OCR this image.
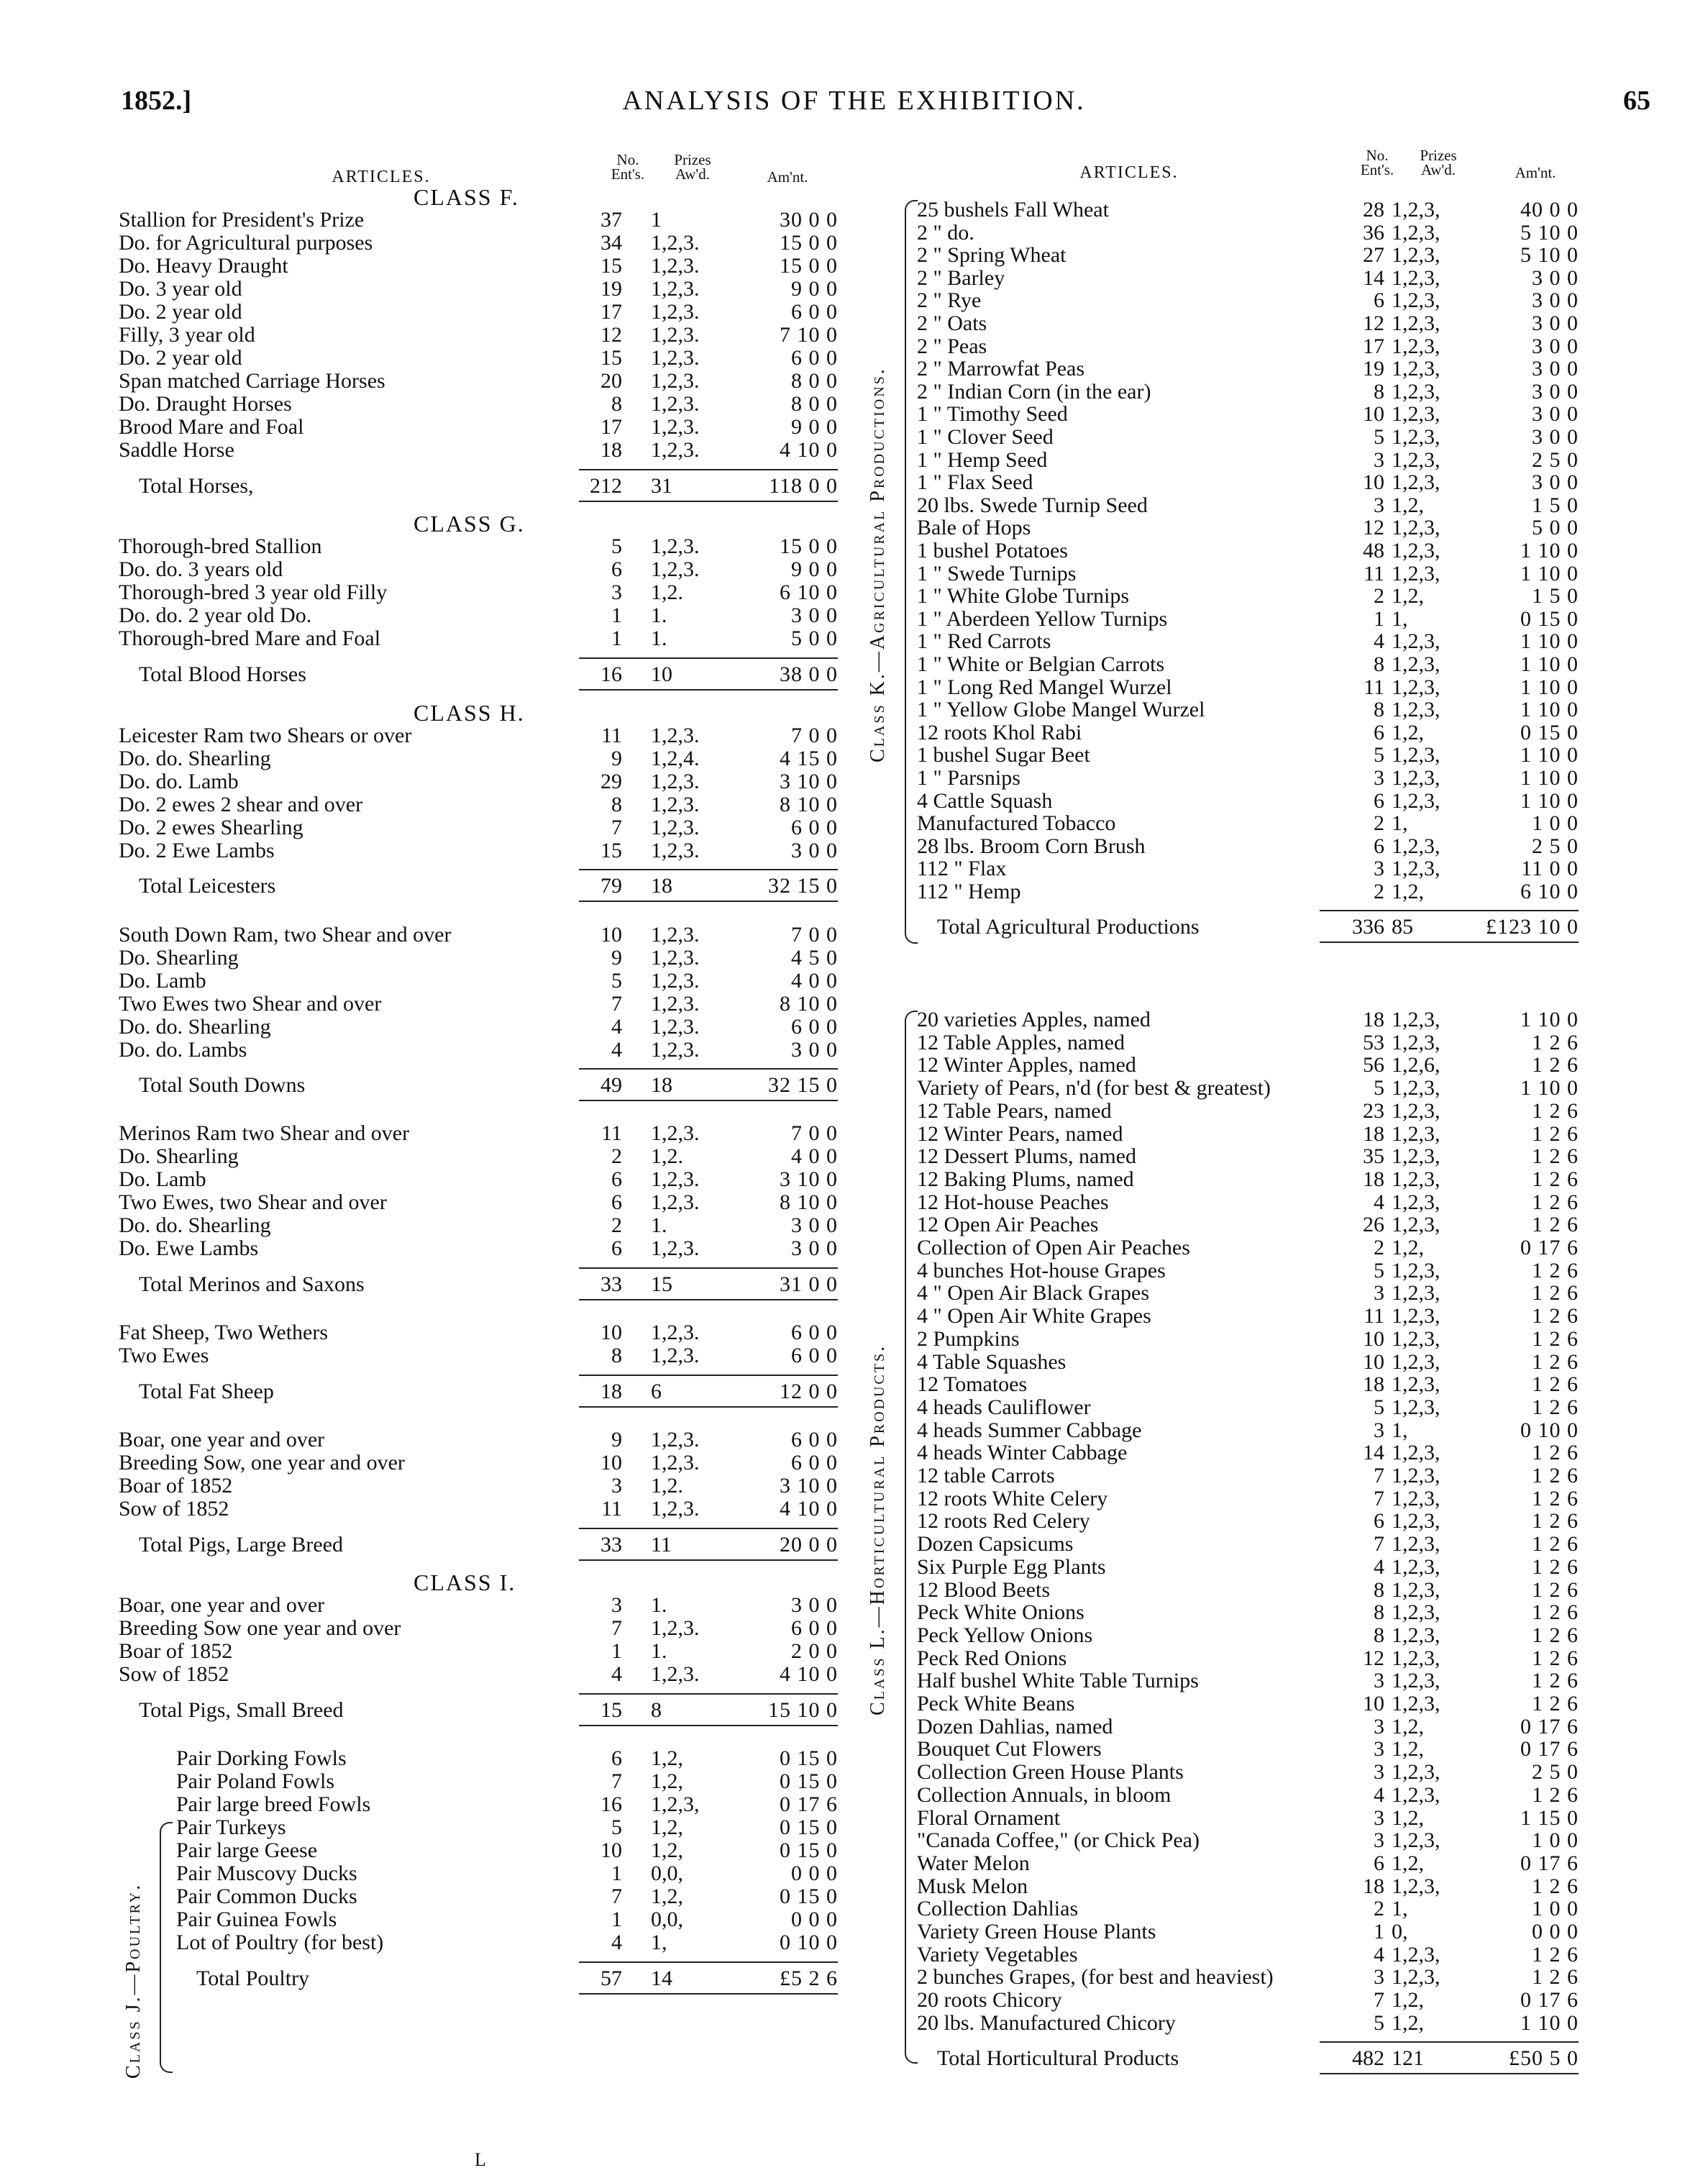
1852.]	ANALYSIS OF THE EXHIBITION.	65
ARTICLES.
No. Ent's.
Prizes Aw'd.	Am'nt.	ARTICLES.
No. Ent's.
Prizes Aw'd.	Am'nt.
CLASS F.
Stallion for President's Prize	37 1	30 0 0
Do. for Agricultural purposes	34 1,2,3.	15 0 0
Do. Heavy Draught	15 1,2,3.	15 0 0
Do. 3 year old	19 1,2,3.	9 0 0
Do. 2 year old	17 1,2,3.	6 0 0
Filly, 3 year old	12 1,2,3.	7 10 0
Do. 2 year old	15 1,2,3.	6 0 0
Span matched Carriage Horses	20 1,2,3.	8 0 0
Do. Draught Horses	8 1,2,3.	8 0 0
Brood Mare and Foal	17 1,2,3.	9 0 0
Saddle Horse	18 1,2,3.	4 10 0
Total Horses,	212 31	118 0 0
CLASS G.
Thorough-bred Stallion	5 1,2,3.	15 0 0
Do. do. 3 years old	6 1,2,3.	9 0 0
Thorough-bred 3 year old Filly	3 1,2.	6 10 0
Do. do. 2 year old Do.	1 1.	3 0 0
Thorough-bred Mare and Foal	1 1.	5 0 0
Total Blood Horses	16 10	38 0 0
CLASS H.
Leicester Ram two Shears or over	11 1,2,3.	7 0 0
Do. do. Shearling	9 1,2,4.	4 15 0
Do. do. Lamb	29 1,2,3.	3 10 0
Do. 2 ewes 2 shear and over	8 1,2,3.	8 10 0
Do. 2 ewes Shearling	7 1,2,3.	6 0 0
Do. 2 Ewe Lambs	15 1,2,3.	3 0 0
Total Leicesters	79 18	32 15 0
South Down Ram, two Shear and over	10 1,2,3.	7 0 0
Do. Shearling	9 1,2,3.	4 5 0
Do. Lamb	5 1,2,3.	4 0 0
Two Ewes two Shear and over	7 1,2,3.	8 10 0
Do. do. Shearling	4 1,2,3.	6 0 0
Do. do. Lambs	4 1,2,3.	3 0 0
Total South Downs	49 18	32 15 0
Merinos Ram two Shear and over	11 1,2,3.	7 0 0
Do. Shearling	2 1,2.	4 0 0
Do. Lamb	6 1,2,3.	3 10 0
Two Ewes, two Shear and over	6 1,2,3.	8 10 0
Do. do. Shearling	2 1.	3 0 0
Do. Ewe Lambs	6 1,2,3.	3 0 0
Total Merinos and Saxons	33 15	31 0 0
Fat Sheep, Two Wethers	10 1,2,3.	6 0 0
Two Ewes	8 1,2,3.	6 0 0
Total Fat Sheep	18 6	12 0 0
Boar, one year and over	9 1,2,3.	6 0 0
Breeding Sow, one year and over	10 1,2,3.	6 0 0
Boar of 1852	3 1,2.	3 10 0
Sow of 1852	11 1,2,3.	4 10 0
Total Pigs, Large Breed	33 11	20 0 0
CLASS I.
Boar, one year and over	3 1.	3 0 0
Breeding Sow one year and over	7 1,2,3.	6 0 0
Boar of 1852	1 1.	2 0 0
Sow of 1852	4 1,2,3.	4 10 0
Total Pigs, Small Breed	15 8	15 10 0
Pair Dorking Fowls	6 1,2,	0 15 0
Pair Poland Fowls	7 1,2,	0 15 0
Pair large breed Fowls	16 1,2,3,	0 17 6
Pair Turkeys	5 1,2,	0 15 0
Pair large Geese	10 1,2,	0 15 0
Pair Muscovy Ducks	1 0,0,	0 0 0
Pair Common Ducks	7 1,2,	0 15 0
Pair Guinea Fowls	1 0,0,	0 0 0
Lot of Poultry (for best)	4 1,	0 10 0
Total Poultry	57 14	£5 2 6
25 bushels Fall Wheat	28 1,2,3,	40 0 0
2 " do.	36 1,2,3,	5 10 0
2 " Spring Wheat	27 1,2,3,	5 10 0
2 " Barley	14 1,2,3,	3 0 0
2 " Rye	6 1,2,3,	3 0 0
2 " Oats	12 1,2,3,	3 0 0
2 " Peas	17 1,2,3,	3 0 0
2 " Marrowfat Peas	19 1,2,3,	3 0 0
2 " Indian Corn (in the ear)	8 1,2,3,	3 0 0
1 " Timothy Seed	10 1,2,3,	3 0 0
1 " Clover Seed	5 1,2,3,	3 0 0
1 " Hemp Seed	3 1,2,3,	2 5 0
1 " Flax Seed	10 1,2,3,	3 0 0
20 lbs. Swede Turnip Seed	3 1,2,	1 5 0
Bale of Hops	12 1,2,3,	5 0 0
1 bushel Potatoes	48 1,2,3,	1 10 0
1 " Swede Turnips	11 1,2,3,	1 10 0
1 " White Globe Turnips	2 1,2,	1 5 0
1 " Aberdeen Yellow Turnips	1 1,	0 15 0
1 " Red Carrots	4 1,2,3,	1 10 0
1 " White or Belgian Carrots	8 1,2,3,	1 10 0
1 " Long Red Mangel Wurzel	11 1,2,3,	1 10 0
1 " Yellow Globe Mangel Wurzel	8 1,2,3,	1 10 0
12 roots Khol Rabi	6 1,2,	0 15 0
1 bushel Sugar Beet	5 1,2,3,	1 10 0
1 " Parsnips	3 1,2,3,	1 10 0
4 Cattle Squash	6 1,2,3,	1 10 0
Manufactured Tobacco	2 1,	1 0 0
28 lbs. Broom Corn Brush	6 1,2,3,	2 5 0
112 " Flax	3 1,2,3,	11 0 0
112 " Hemp	2 1,2,	6 10 0
Total Agricultural Productions	336 85	£123 10 0
20 varieties Apples, named	18 1,2,3,	1 10 0
12 Table Apples, named	53 1,2,3,	1 2 6
12 Winter Apples, named	56 1,2,6,	1 2 6
Variety of Pears, n'd (for best & greatest)	5 1,2,3,	1 10 0
12 Table Pears, named	23 1,2,3,	1 2 6
12 Winter Pears, named	18 1,2,3,	1 2 6
12 Dessert Plums, named	35 1,2,3,	1 2 6
12 Baking Plums, named	18 1,2,3,	1 2 6
12 Hot-house Peaches	4 1,2,3,	1 2 6
12 Open Air Peaches	26 1,2,3,	1 2 6
Collection of Open Air Peaches	2 1,2,	0 17 6
4 bunches Hot-house Grapes	5 1,2,3,	1 2 6
4 " Open Air Black Grapes	3 1,2,3,	1 2 6
4 " Open Air White Grapes	11 1,2,3,	1 2 6
2 Pumpkins	10 1,2,3,	1 2 6
4 Table Squashes	10 1,2,3,	1 2 6
12 Tomatoes	18 1,2,3,	1 2 6
4 heads Cauliflower	5 1,2,3,	1 2 6
4 heads Summer Cabbage	3 1,	0 10 0
4 heads Winter Cabbage	14 1,2,3,	1 2 6
12 table Carrots	7 1,2,3,	1 2 6
12 roots White Celery	7 1,2,3,	1 2 6
12 roots Red Celery	6 1,2,3,	1 2 6
Dozen Capsicums	7 1,2,3,	1 2 6
Six Purple Egg Plants	4 1,2,3,	1 2 6
12 Blood Beets	8 1,2,3,	1 2 6
Peck White Onions	8 1,2,3,	1 2 6
Peck Yellow Onions	8 1,2,3,	1 2 6
Peck Red Onions	12 1,2,3,	1 2 6
Half bushel White Table Turnips	3 1,2,3,	1 2 6
Peck White Beans	10 1,2,3,	1 2 6
Dozen Dahlias, named	3 1,2,	0 17 6
Bouquet Cut Flowers	3 1,2,	0 17 6
Collection Green House Plants	3 1,2,3,	2 5 0
Collection Annuals, in bloom	4 1,2,3,	1 2 6
Floral Ornament	3 1,2,	1 15 0
"Canada Coffee," (or Chick Pea)	3 1,2,3,	1 0 0
Water Melon	6 1,2,	0 17 6
Musk Melon	18 1,2,3,	1 2 6
Collection Dahlias	2 1,	1 0 0
Variety Green House Plants	1 0,	0 0 0
Variety Vegetables	4 1,2,3,	1 2 6
2 bunches Grapes, (for best and heaviest)	3 1,2,3,	1 2 6
20 roots Chicory	7 1,2,	0 17 6
20 lbs. Manufactured Chicory	5 1,2,	1 10 0
Total Horticultural Products	482 121	£50 5 0
Class J.—Poultry.
Class K.—Agricultural Productions.
Class L.—Horticultural Products.
L
